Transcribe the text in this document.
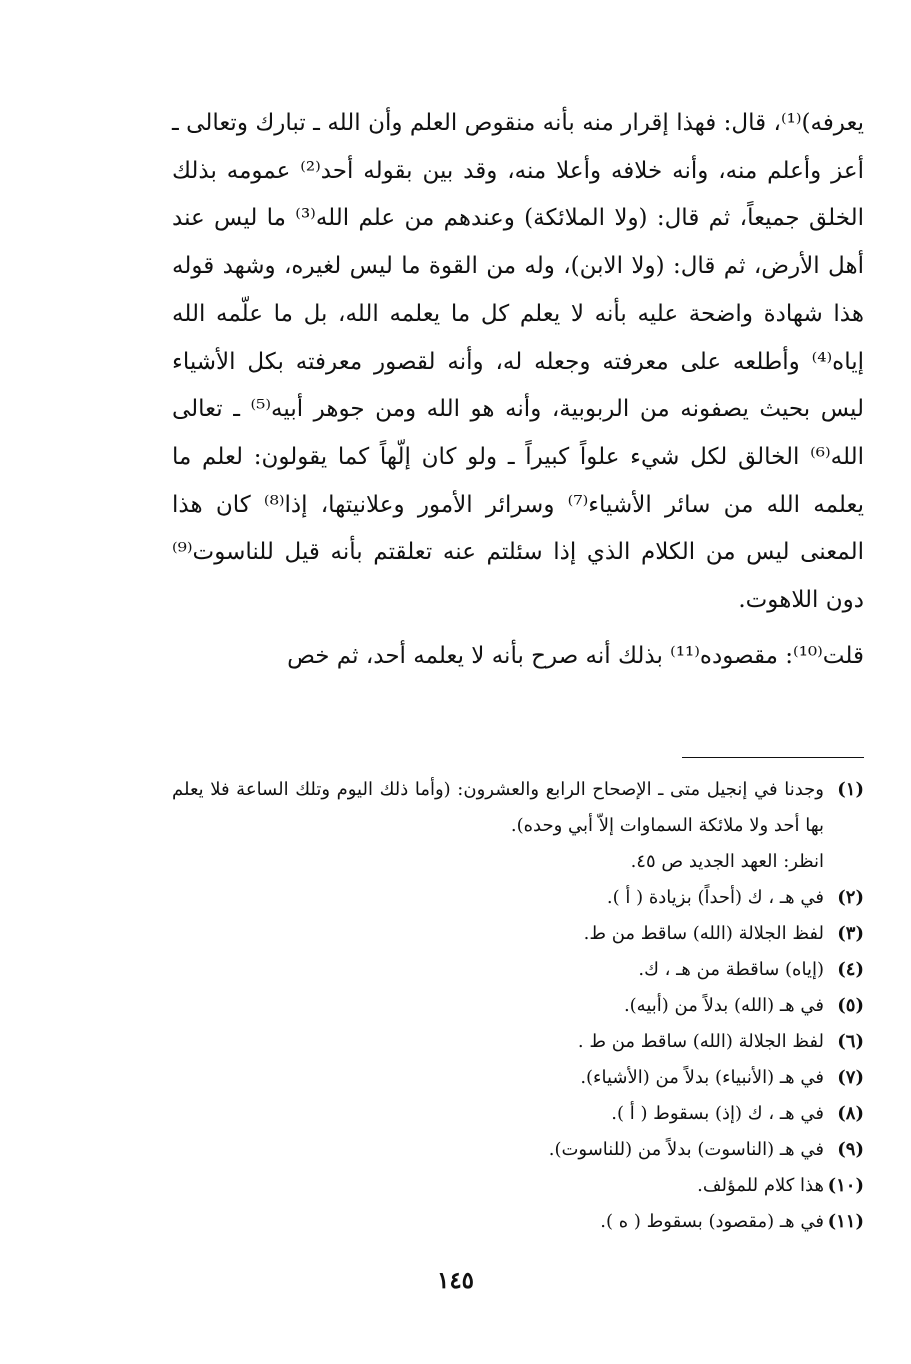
يعرفه)⁽¹⁾، قال: فهذا إقرار منه بأنه منقوص العلم وأن الله ـ تبارك وتعالى ـ أعز وأعلم منه، وأنه خلافه وأعلا منه، وقد بين بقوله أحد⁽²⁾ عمومه بذلك الخلق جميعاً، ثم قال: (ولا الملائكة) وعندهم من علم الله⁽³⁾ ما ليس عند أهل الأرض، ثم قال: (ولا الابن)، وله من القوة ما ليس لغيره، وشهد قوله هذا شهادة واضحة عليه بأنه لا يعلم كل ما يعلمه الله، بل ما علّمه الله إياه⁽⁴⁾ وأطلعه على معرفته وجعله له، وأنه لقصور معرفته بكل الأشياء ليس بحيث يصفونه من الربوبية، وأنه هو الله ومن جوهر أبيه⁽⁵⁾ ـ تعالى الله⁽⁶⁾ الخالق لكل شيء علواً كبيراً ـ ولو كان إلّهاً كما يقولون: لعلم ما يعلمه الله من سائر الأشياء⁽⁷⁾ وسرائر الأمور وعلانيتها، إذا⁽⁸⁾ كان هذا المعنى ليس من الكلام الذي إذا سئلتم عنه تعلقتم بأنه قيل للناسوت⁽⁹⁾ دون اللاهوت.

قلت⁽¹⁰⁾: مقصوده⁽¹¹⁾ بذلك أنه صرح بأنه لا يعلمه أحد، ثم خص

(١)
وجدنا في إنجيل متى ـ الإصحاح الرابع والعشرون: (وأما ذلك اليوم وتلك الساعة فلا يعلم بها أحد ولا ملائكة السماوات إلاّ أبي وحده).
انظر: العهد الجديد ص ٤٥.
(٢)
في هـ ، ك (أحداً) بزيادة ( أ ).
(٣)
لفظ الجلالة (الله) ساقط من ط.
(٤)
(إياه) ساقطة من هـ ، ك.
(٥)
في هـ (الله) بدلاً من (أبيه).
(٦)
لفظ الجلالة (الله) ساقط من ط .
(٧)
في هـ (الأنبياء) بدلاً من (الأشياء).
(٨)
في هـ ، ك (إذ) بسقوط ( أ ).
(٩)
في هـ (الناسوت) بدلاً من (للناسوت).
(١٠)
هذا كلام للمؤلف.
(١١)
في هـ (مقصود) بسقوط ( ه ).
١٤٥
